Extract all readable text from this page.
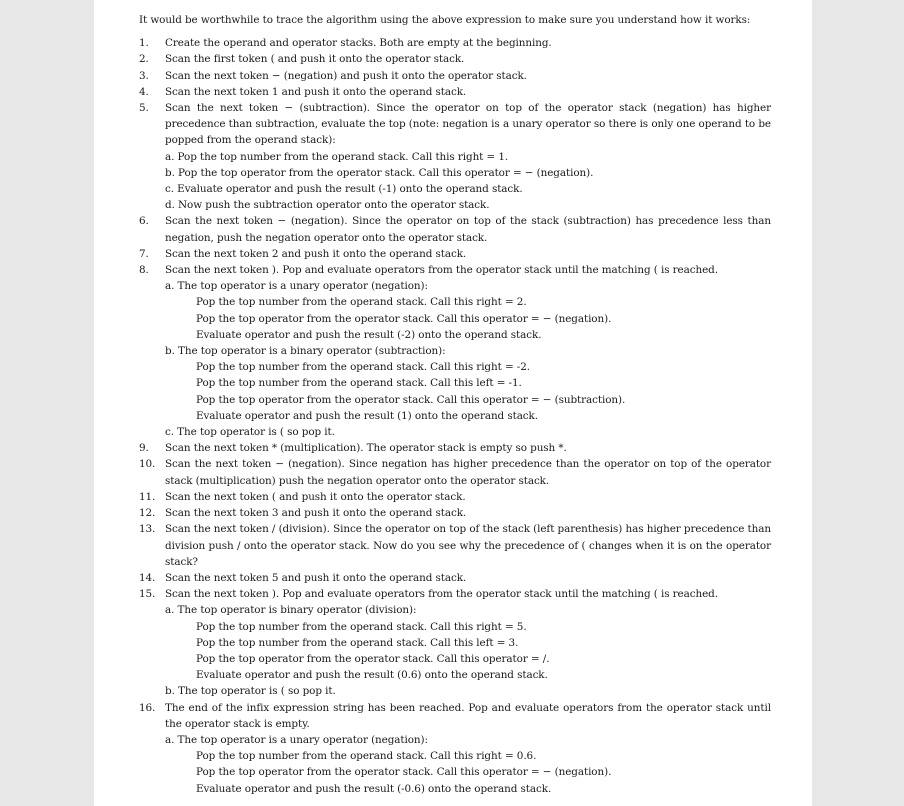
It would be worthwhile to trace the algorithm using the above expression to make sure you understand how it works:
1.	Create the operand and operator stacks. Both are empty at the beginning.
2.	Scan the first token ( and push it onto the operator stack.
3.	Scan the next token − (negation) and push it onto the operator stack.
4.	Scan the next token 1 and push it onto the operand stack.
5.	Scan the next token − (subtraction). Since the operator on top of the operator stack (negation) has higher precedence than subtraction, evaluate the top (note: negation is a unary operator so there is only one operand to be popped from the operand stack):
a. Pop the top number from the operand stack. Call this right = 1.
b. Pop the top operator from the operator stack. Call this operator = − (negation).
c. Evaluate operator and push the result (-1) onto the operand stack.
d. Now push the subtraction operator onto the operator stack.
6.	Scan the next token − (negation). Since the operator on top of the stack (subtraction) has precedence less than negation, push the negation operator onto the operator stack.
7.	Scan the next token 2 and push it onto the operand stack.
8.	Scan the next token ). Pop and evaluate operators from the operator stack until the matching ( is reached.
a. The top operator is a unary operator (negation):
Pop the top number from the operand stack. Call this right = 2.
Pop the top operator from the operator stack. Call this operator = − (negation).
Evaluate operator and push the result (-2) onto the operand stack.
b. The top operator is a binary operator (subtraction):
Pop the top number from the operand stack. Call this right = -2.
Pop the top number from the operand stack. Call this left = -1.
Pop the top operator from the operator stack. Call this operator = − (subtraction).
Evaluate operator and push the result (1) onto the operand stack.
c. The top operator is ( so pop it.
9.	Scan the next token * (multiplication). The operator stack is empty so push *.
10. Scan the next token − (negation). Since negation has higher precedence than the operator on top of the operator stack (multiplication) push the negation operator onto the operator stack.
11. Scan the next token ( and push it onto the operator stack.
12. Scan the next token 3 and push it onto the operand stack.
13. Scan the next token / (division). Since the operator on top of the stack (left parenthesis) has higher precedence than division push / onto the operator stack. Now do you see why the precedence of ( changes when it is on the operator stack?
14. Scan the next token 5 and push it onto the operand stack.
15. Scan the next token ). Pop and evaluate operators from the operator stack until the matching ( is reached.
a. The top operator is binary operator (division):
Pop the top number from the operand stack. Call this right = 5.
Pop the top number from the operand stack. Call this left = 3.
Pop the top operator from the operator stack. Call this operator = /.
Evaluate operator and push the result (0.6) onto the operand stack.
b. The top operator is ( so pop it.
16. The end of the infix expression string has been reached. Pop and evaluate operators from the operator stack until the operator stack is empty.
a. The top operator is a unary operator (negation):
Pop the top number from the operand stack. Call this right = 0.6.
Pop the top operator from the operator stack. Call this operator = − (negation).
Evaluate operator and push the result (-0.6) onto the operand stack.
